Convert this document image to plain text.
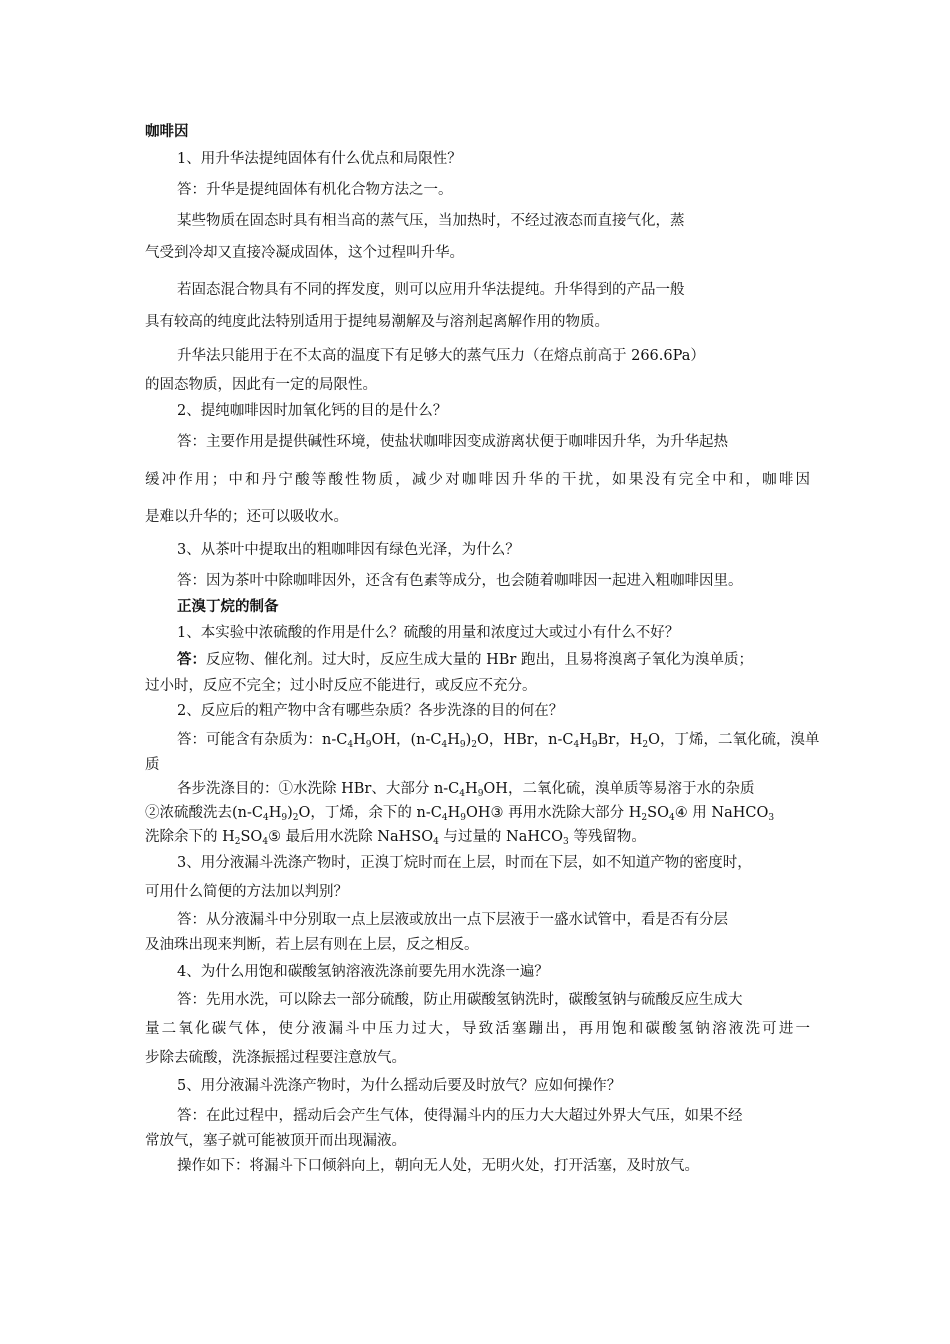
咖啡因
1、用升华法提纯固体有什么优点和局限性？
答：升华是提纯固体有机化合物方法之一。
某些物质在固态时具有相当高的蒸气压，当加热时，不经过液态而直接气化，蒸
气受到冷却又直接冷凝成固体，这个过程叫升华。
若固态混合物具有不同的挥发度，则可以应用升华法提纯。升华得到的产品一般
具有较高的纯度此法特别适用于提纯易潮解及与溶剂起离解作用的物质。
升华法只能用于在不太高的温度下有足够大的蒸气压力（在熔点前高于 266.6Pa）
的固态物质，因此有一定的局限性。
2、提纯咖啡因时加氧化钙的目的是什么？
答：主要作用是提供碱性环境，使盐状咖啡因变成游离状便于咖啡因升华，为升华起热
缓冲作用；中和丹宁酸等酸性物质，减少对咖啡因升华的干扰，如果没有完全中和，咖啡因
是难以升华的；还可以吸收水。
3、从茶叶中提取出的粗咖啡因有绿色光泽，为什么？
答：因为茶叶中除咖啡因外，还含有色素等成分，也会随着咖啡因一起进入粗咖啡因里。
正溴丁烷的制备
1、本实验中浓硫酸的作用是什么？硫酸的用量和浓度过大或过小有什么不好？
答：反应物、催化剂。过大时，反应生成大量的 HBr 跑出，且易将溴离子氧化为溴单质；
过小时，反应不完全；过小时反应不能进行，或反应不充分。
2、反应后的粗产物中含有哪些杂质？各步洗涤的目的何在？
答：可能含有杂质为：$n-C_4H_9OH$，$(n-C_4H_9)_2O$，HBr，$n-C_4H_9Br$，$H_2O$，丁烯，二氧化硫，溴单
质
各步洗涤目的：①水洗除 HBr、大部分 $n-C_4H_9OH$，二氧化硫，溴单质等易溶于水的杂质
②浓硫酸洗去$(n-C_4H_9)_2O$，丁烯，余下的 $n-C_4H_9OH③$ 再用水洗除大部分 $H_2SO_4④$ 用 NaHCO$_3$
洗除余下的 $H_2SO_4⑤$ 最后用水洗除 NaHSO$_4$ 与过量的 NaHCO$_3$ 等残留物。
3、用分液漏斗洗涤产物时，正溴丁烷时而在上层，时而在下层，如不知道产物的密度时，
可用什么简便的方法加以判别？
答：从分液漏斗中分别取一点上层液或放出一点下层液于一盛水试管中，看是否有分层
及油珠出现来判断，若上层有则在上层，反之相反。
4、为什么用饱和碳酸氢钠溶液洗涤前要先用水洗涤一遍？
答：先用水洗，可以除去一部分硫酸，防止用碳酸氢钠洗时，碳酸氢钠与硫酸反应生成大
量二氧化碳气体，使分液漏斗中压力过大，导致活塞蹦出，再用饱和碳酸氢钠溶液洗可进一
步除去硫酸，洗涤振摇过程要注意放气。
5、用分液漏斗洗涤产物时，为什么摇动后要及时放气？应如何操作？
答：在此过程中，摇动后会产生气体，使得漏斗内的压力大大超过外界大气压，如果不经
常放气，塞子就可能被顶开而出现漏液。
操作如下：将漏斗下口倾斜向上，朝向无人处，无明火处，打开活塞，及时放气。
